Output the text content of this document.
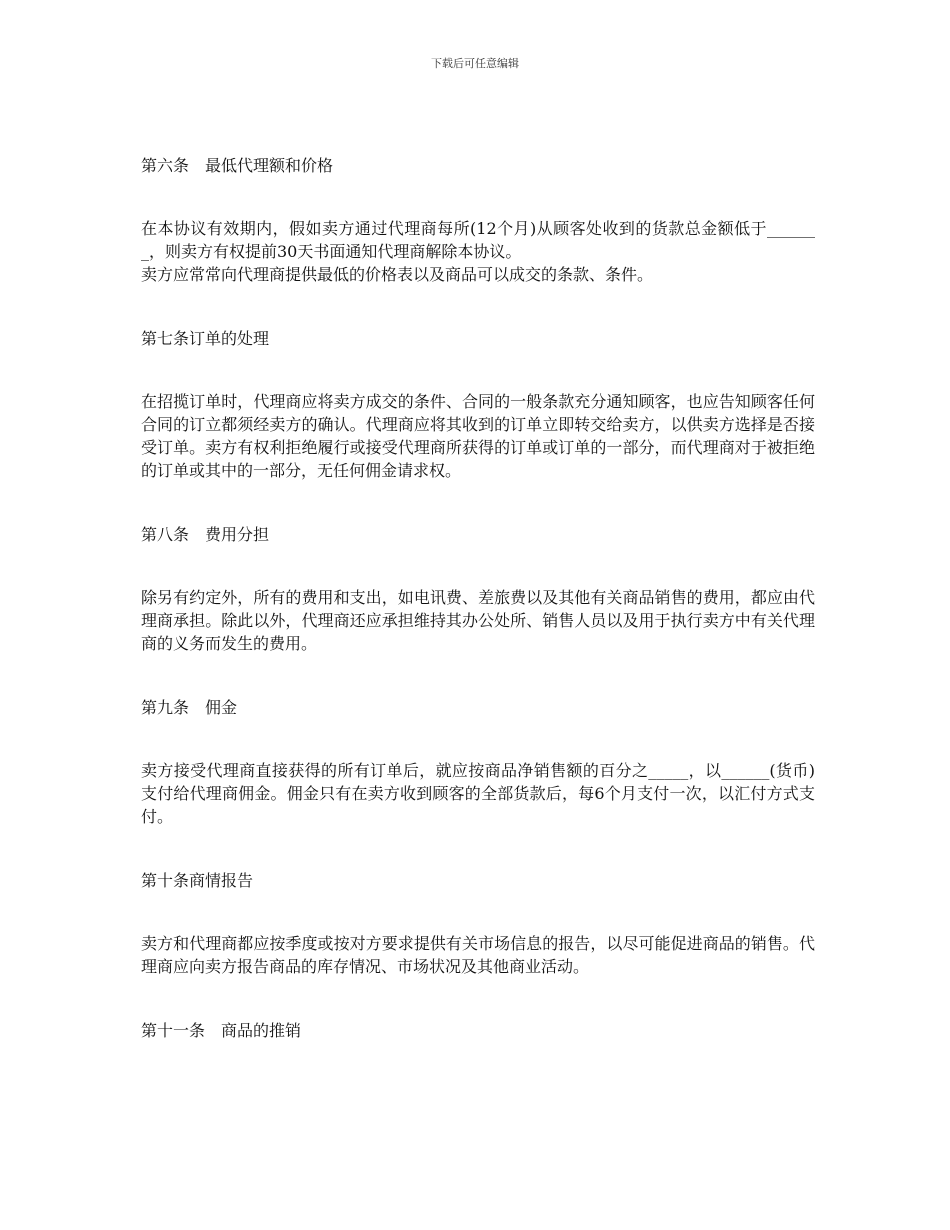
下载后可任意编辑

第六条　最低代理额和价格

在本协议有效期内，假如卖方通过代理商每所(12个月)从顾客处收到的货款总金额低于_______，则卖方有权提前30天书面通知代理商解除本协议。

卖方应常常向代理商提供最低的价格表以及商品可以成交的条款、条件。

第七条订单的处理

在招揽订单时，代理商应将卖方成交的条件、合同的一般条款充分通知顾客，也应告知顾客任何合同的订立都须经卖方的确认。代理商应将其收到的订单立即转交给卖方，以供卖方选择是否接受订单。卖方有权利拒绝履行或接受代理商所获得的订单或订单的一部分，而代理商对于被拒绝的订单或其中的一部分，无任何佣金请求权。

第八条　费用分担

除另有约定外，所有的费用和支出，如电讯费、差旅费以及其他有关商品销售的费用，都应由代理商承担。除此以外，代理商还应承担维持其办公处所、销售人员以及用于执行卖方中有关代理商的义务而发生的费用。

第九条　佣金

卖方接受代理商直接获得的所有订单后，就应按商品净销售额的百分之_____，以______(货币)支付给代理商佣金。佣金只有在卖方收到顾客的全部货款后，每6个月支付一次，以汇付方式支付。

第十条商情报告

卖方和代理商都应按季度或按对方要求提供有关市场信息的报告，以尽可能促进商品的销售。代理商应向卖方报告商品的库存情况、市场状况及其他商业活动。

第十一条　商品的推销
